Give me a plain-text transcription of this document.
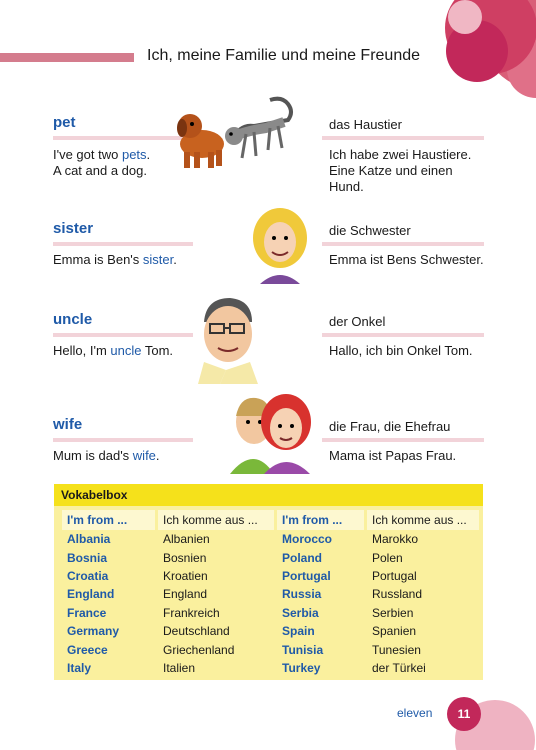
Ich, meine Familie und meine Freunde
pet	das Haustier
I've got two pets.
A cat and a dog.
Ich habe zwei Haustiere. Eine Katze und einen Hund.
sister	die Schwester
Emma is Ben's sister.	Emma ist Bens Schwester.
uncle	der Onkel
Hello, I'm uncle Tom.	Hallo, ich bin Onkel Tom.
wife	die Frau, die Ehefrau
Mum is dad's wife.	Mama ist Papas Frau.
Vokabelbox
I'm from ...	Ich komme aus ...	I'm from ...	Ich komme aus ...
Albania	Albanien	Morocco	Marokko
Bosnia	Bosnien	Poland	Polen
Croatia	Kroatien	Portugal	Portugal
England	England	Russia	Russland
France	Frankreich	Serbia	Serbien
Germany	Deutschland	Spain	Spanien
Greece	Griechenland	Tunisia	Tunesien
Italy	Italien	Turkey	der Türkei
eleven	11
